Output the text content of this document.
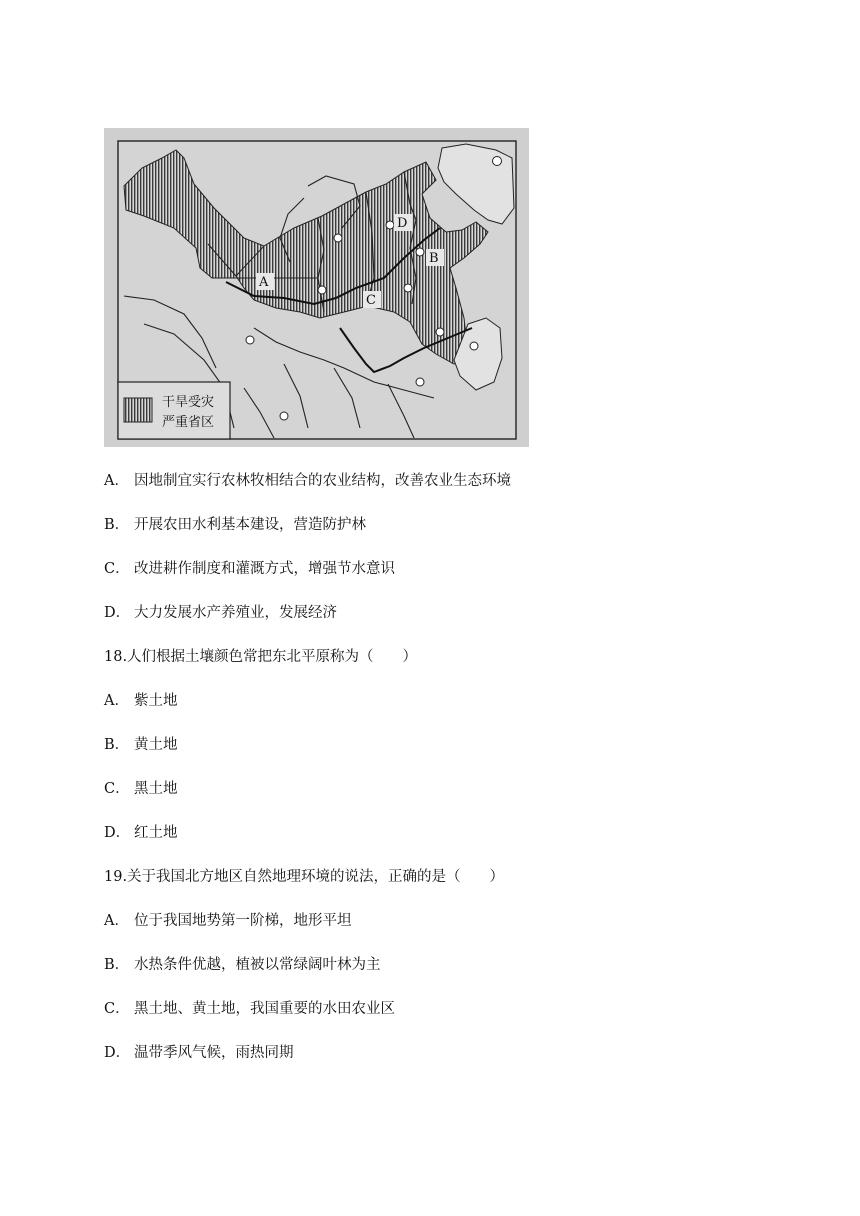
A
B
C
D
干旱受灾
严重省区
A． 因地制宜实行农林牧相结合的农业结构，改善农业生态环境
B． 开展农田水利基本建设，营造防护林
C． 改进耕作制度和灌溉方式，增强节水意识
D． 大力发展水产养殖业，发展经济
18.人们根据土壤颜色常把东北平原称为（　　）
A． 紫土地
B． 黄土地
C． 黑土地
D． 红土地
19.关于我国北方地区自然地理环境的说法，正确的是（　　）
A． 位于我国地势第一阶梯，地形平坦
B． 水热条件优越，植被以常绿阔叶林为主
C． 黑土地、黄土地，我国重要的水田农业区
D． 温带季风气候，雨热同期
